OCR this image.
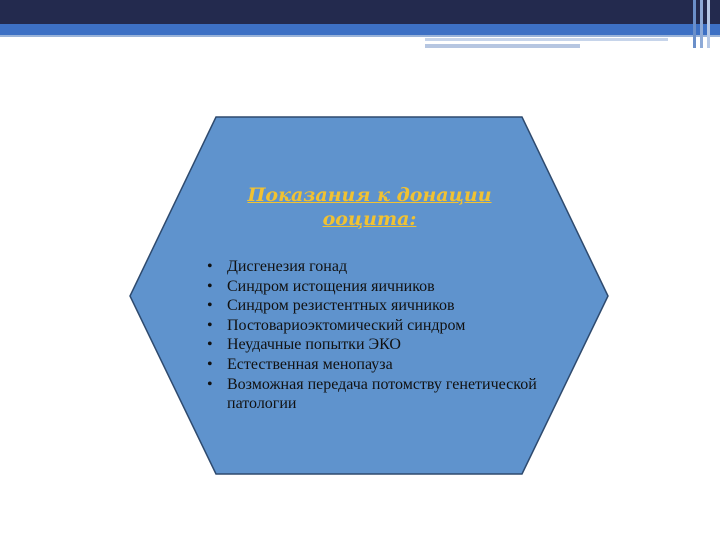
Показания к донации ооцита:
• Дисгенезия гонад
• Синдром истощения яичников
• Синдром резистентных яичников
• Постовариоэктомический синдром
• Неудачные попытки ЭКО
• Естественная менопауза
• Возможная передача потомству генетической патологии
